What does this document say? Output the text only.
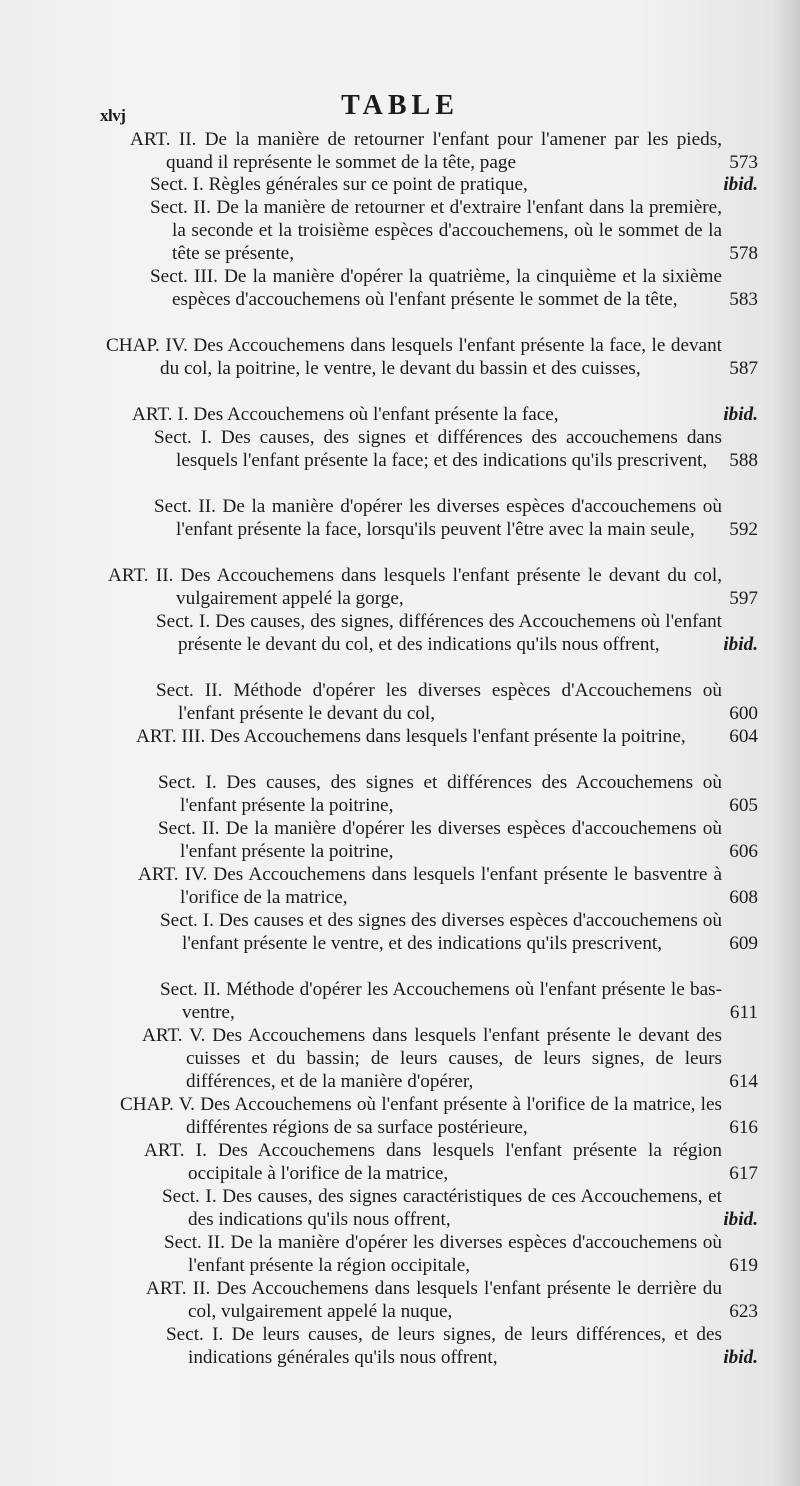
xlvj	TABLE
ART. II. De la manière de retourner l'enfant pour l'amener par les pieds, quand il représente le sommet de la tête, page	573
Sect. I. Règles générales sur ce point de pratique,	ibid.
Sect. II. De la manière de retourner et d'extraire l'enfant dans la première, la seconde et la troisième espèces d'accouchemens, où le sommet de la tête se présente,	578
Sect. III. De la manière d'opérer la quatrième, la cinquième et la sixième espèces d'accouchemens où l'enfant présente le sommet de la tête,	583
CHAP. IV. Des Accouchemens dans lesquels l'enfant présente la face, le devant du col, la poitrine, le ventre, le devant du bassin et des cuisses,	587
ART. I. Des Accouchemens où l'enfant présente la face,	ibid.
Sect. I. Des causes, des signes et différences des accouchemens dans lesquels l'enfant présente la face; et des indications qu'ils prescrivent,	588
Sect. II. De la manière d'opérer les diverses espèces d'accouchemens où l'enfant présente la face, lorsqu'ils peuvent l'être avec la main seule,	592
ART. II. Des Accouchemens dans lesquels l'enfant présente le devant du col, vulgairement appelé la gorge,	597
Sect. I. Des causes, des signes, différences des Accouchemens où l'enfant présente le devant du col, et des indications qu'ils nous offrent,	ibid.
Sect. II. Méthode d'opérer les diverses espèces d'Accouchemens où l'enfant présente le devant du col,	600
ART. III. Des Accouchemens dans lesquels l'enfant présente la poitrine,	604
Sect. I. Des causes, des signes et différences des Accouchemens où l'enfant présente la poitrine,	605
Sect. II. De la manière d'opérer les diverses espèces d'accouchemens où l'enfant présente la poitrine,	606
ART. IV. Des Accouchemens dans lesquels l'enfant présente le basventre à l'orifice de la matrice,	608
Sect. I. Des causes et des signes des diverses espèces d'accouchemens où l'enfant présente le ventre, et des indications qu'ils prescrivent,	609
Sect. II. Méthode d'opérer les Accouchemens où l'enfant présente le bas-ventre,	611
ART. V. Des Accouchemens dans lesquels l'enfant présente le devant des cuisses et du bassin; de leurs causes, de leurs signes, de leurs différences, et de la manière d'opérer,	614
CHAP. V. Des Accouchemens où l'enfant présente à l'orifice de la matrice, les différentes régions de sa surface postérieure,	616
ART. I. Des Accouchemens dans lesquels l'enfant présente la région occipitale à l'orifice de la matrice,	617
Sect. I. Des causes, des signes caractéristiques de ces Accouchemens, et des indications qu'ils nous offrent,	ibid.
Sect. II. De la manière d'opérer les diverses espèces d'accouchemens où l'enfant présente la région occipitale,	619
ART. II. Des Accouchemens dans lesquels l'enfant présente le derrière du col, vulgairement appelé la nuque,	623
Sect. I. De leurs causes, de leurs signes, de leurs différences, et des indications générales qu'ils nous offrent,	ibid.
